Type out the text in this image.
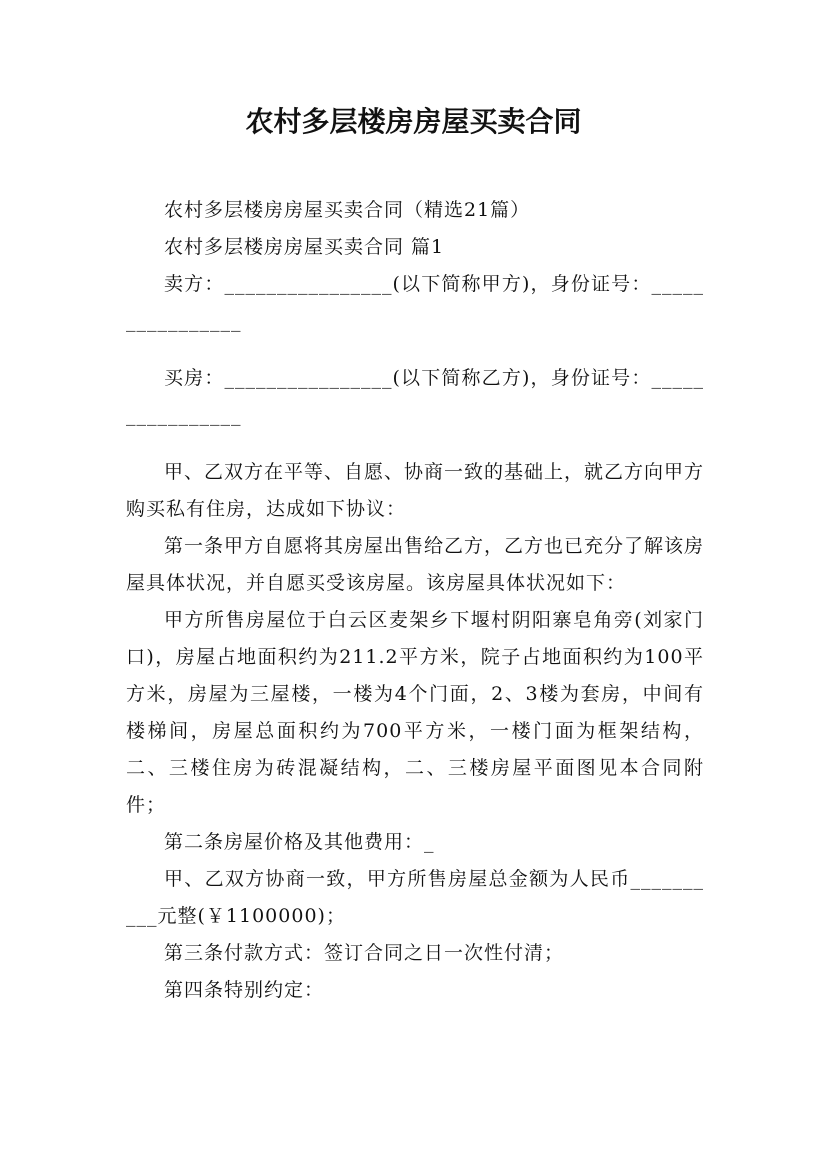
农村多层楼房房屋买卖合同

农村多层楼房房屋买卖合同（精选21篇）

农村多层楼房房屋买卖合同 篇1

卖方：________________(以下简称甲方)，身份证号：________________

买房：________________(以下简称乙方)，身份证号：________________

甲、乙双方在平等、自愿、协商一致的基础上，就乙方向甲方购买私有住房，达成如下协议：

第一条甲方自愿将其房屋出售给乙方，乙方也已充分了解该房屋具体状况，并自愿买受该房屋。该房屋具体状况如下：

甲方所售房屋位于白云区麦架乡下堰村阴阳寨皂角旁(刘家门口)，房屋占地面积约为211.2平方米，院子占地面积约为100平方米，房屋为三屋楼，一楼为4个门面，2、3楼为套房，中间有楼梯间，房屋总面积约为700平方米，一楼门面为框架结构，二、三楼住房为砖混凝结构，二、三楼房屋平面图见本合同附件；

第二条房屋价格及其他费用：_

甲、乙双方协商一致，甲方所售房屋总金额为人民币__________元整(￥1100000)；

第三条付款方式：签订合同之日一次性付清；

第四条特别约定：
